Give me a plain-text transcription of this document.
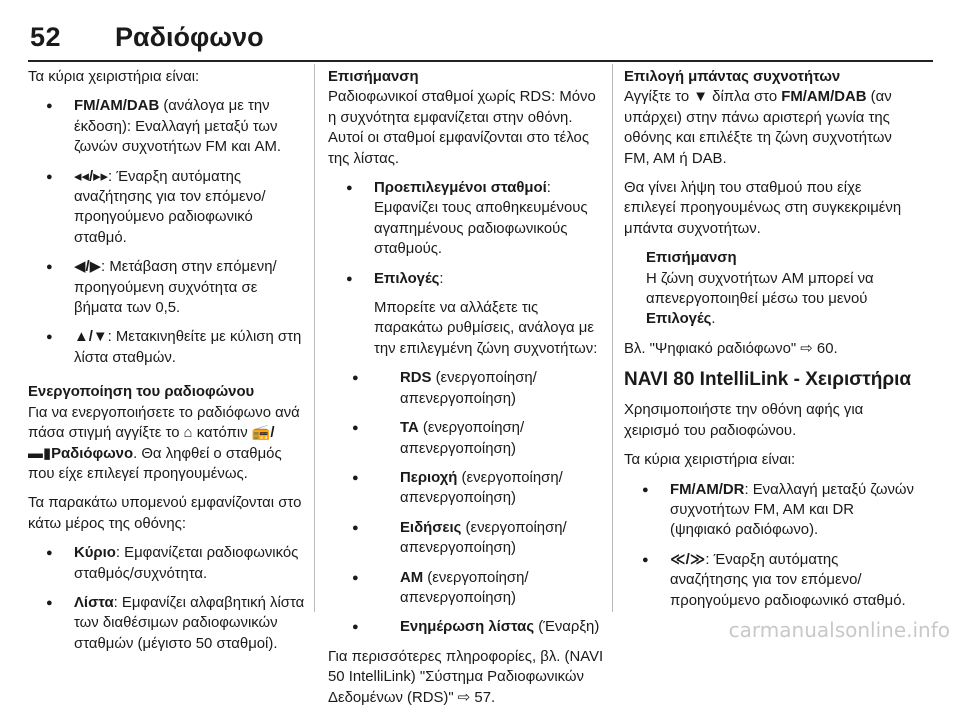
52 Ραδιόφωνο

Τα κύρια χειριστήρια είναι:

● FM/AM/DAB (ανάλογα με την έκδοση): Εναλλαγή μεταξύ των ζωνών συχνοτήτων FM και AM.
● ◂◂/▸▸: Έναρξη αυτόματης αναζήτησης για τον επόμενο/προηγούμενο ραδιοφωνικό σταθμό.
● ◀/▶: Μετάβαση στην επόμενη/προηγούμενη συχνότητα σε βήματα των 0,5.
● ▲/▼: Μετακινηθείτε με κύλιση στη λίστα σταθμών.
Ενεργοποίηση του ραδιοφώνου

Για να ενεργοποιήσετε το ραδιόφωνο ανά πάσα στιγμή αγγίξτε το ⌂ κατόπιν 📻/▬▮Ραδιόφωνο. Θα ληφθεί ο σταθμός που είχε επιλεγεί προηγουμένως.

Τα παρακάτω υπομενού εμφανίζονται στο κάτω μέρος της οθόνης:

● Κύριο: Εμφανίζεται ραδιοφωνικός σταθμός/συχνότητα.
● Λίστα: Εμφανίζει αλφαβητική λίστα των διαθέσιμων ραδιοφωνικών σταθμών (μέγιστο 50 σταθμοί).
Επισήμανση
Ραδιοφωνικοί σταθμοί χωρίς RDS: Μόνο η συχνότητα εμφανίζεται στην οθόνη. Αυτοί οι σταθμοί εμφανίζονται στο τέλος της λίστας.
● Προεπιλεγμένοι σταθμοί: Εμφανίζει τους αποθηκευμένους αγαπημένους ραδιοφωνικούς σταθμούς.
● Επιλογές:

Μπορείτε να αλλάξετε τις παρακάτω ρυθμίσεις, ανάλογα με την επιλεγμένη ζώνη συχνοτήτων:

● RDS (ενεργοποίηση/απενεργοποίηση)
● TA (ενεργοποίηση/απενεργοποίηση)
● Περιοχή (ενεργοποίηση/απενεργοποίηση)
● Ειδήσεις (ενεργοποίηση/απενεργοποίηση)
● AM (ενεργοποίηση/απενεργοποίηση)
● Ενημέρωση λίστας (Έναρξη)

Για περισσότερες πληροφορίες, βλ. (NAVI 50 IntelliLink) "Σύστημα Ραδιοφωνικών Δεδομένων (RDS)" ⇨ 57.

Επιλογή μπάντας συχνοτήτων

Αγγίξτε το ▼ δίπλα στο FM/AM/DAB (αν υπάρχει) στην πάνω αριστερή γωνία της οθόνης και επιλέξτε τη ζώνη συχνοτήτων FM, AM ή DAB.

Θα γίνει λήψη του σταθμού που είχε επιλεγεί προηγουμένως στη συγκεκριμένη μπάντα συχνοτήτων.

Επισήμανση
Η ζώνη συχνοτήτων AM μπορεί να απενεργοποιηθεί μέσω του μενού Επιλογές.

Βλ. "Ψηφιακό ραδιόφωνο" ⇨ 60.

NAVI 80 IntelliLink - Χειριστήρια

Χρησιμοποιήστε την οθόνη αφής για χειρισμό του ραδιοφώνου.

Τα κύρια χειριστήρια είναι:

● FM/AM/DR: Εναλλαγή μεταξύ ζωνών συχνοτήτων FM, AM και DR (ψηφιακό ραδιόφωνο).
● ≪/≫: Έναρξη αυτόματης αναζήτησης για τον επόμενο/προηγούμενο ραδιοφωνικό σταθμό.
carmanualsonline.info
